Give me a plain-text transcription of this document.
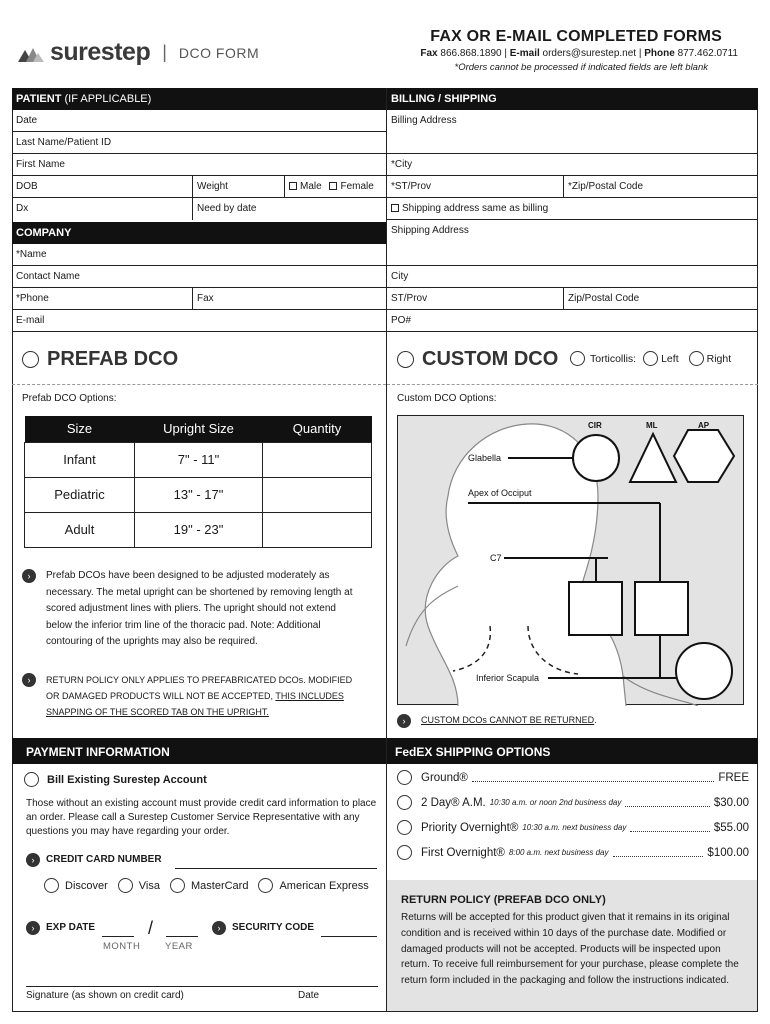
surestep | DCO FORM
FAX OR E-MAIL COMPLETED FORMS
Fax 866.868.1890 | E-mail orders@surestep.net | Phone 877.462.0711
*Orders cannot be processed if indicated fields are left blank
PATIENT (IF APPLICABLE)
Date
Last Name/Patient ID
First Name
DOB	Weight	Male Female
Dx	Need by date
COMPANY
*Name
Contact Name
*Phone	Fax
E-mail
BILLING / SHIPPING
Billing Address
*City
*ST/Prov	*Zip/Postal Code
Shipping address same as billing
Shipping Address
City
ST/Prov	Zip/Postal Code
PO#
PREFAB DCO
Prefab DCO Options:
Size	Upright Size	Quantity
Infant	7" - 11"	
Pediatric	13" - 17"	
Adult	19" - 23"	
›	Prefab DCOs have been designed to be adjusted moderately as necessary. The metal upright can be shortened by removing length at scored adjustment lines with pliers. The upright should not extend below the inferior trim line of the thoracic pad. Note: Additional contouring of the uprights may also be required.
›	RETURN POLICY ONLY APPLIES TO PREFABRICATED DCOs. MODIFIED OR DAMAGED PRODUCTS WILL NOT BE ACCEPTED, THIS INCLUDES SNAPPING OF THE SCORED TAB ON THE UPRIGHT.
CUSTOM DCO	Torticollis: Left	Right
Custom DCO Options:
Glabella
Apex of Occiput
C7
Inferior Scapula
CIR	ML	AP
›	CUSTOM DCOs CANNOT BE RETURNED.
PAYMENT INFORMATION
Bill Existing Surestep Account
Those without an existing account must provide credit card information to place an order. Please call a Surestep Customer Service Representative with any questions you may have regarding your order.
›	CREDIT CARD NUMBER
Discover	Visa	MasterCard	American Express
›	EXP DATE	/
MONTH	YEAR
›	SECURITY CODE
Signature (as shown on credit card)	Date
FedEX SHIPPING OPTIONS
Ground®	FREE
2 Day® A.M. 10:30 a.m. or noon 2nd business day	$30.00
Priority Overnight® 10:30 a.m. next business day	$55.00
First Overnight® 8:00 a.m. next business day	$100.00
RETURN POLICY (PREFAB DCO ONLY)
Returns will be accepted for this product given that it remains in its original condition and is received within 10 days of the purchase date. Modified or damaged products will not be accepted. Products will be inspected upon return. To receive full reimbursement for your purchase, please complete the return form included in the packaging and follow the instructions indicated.
